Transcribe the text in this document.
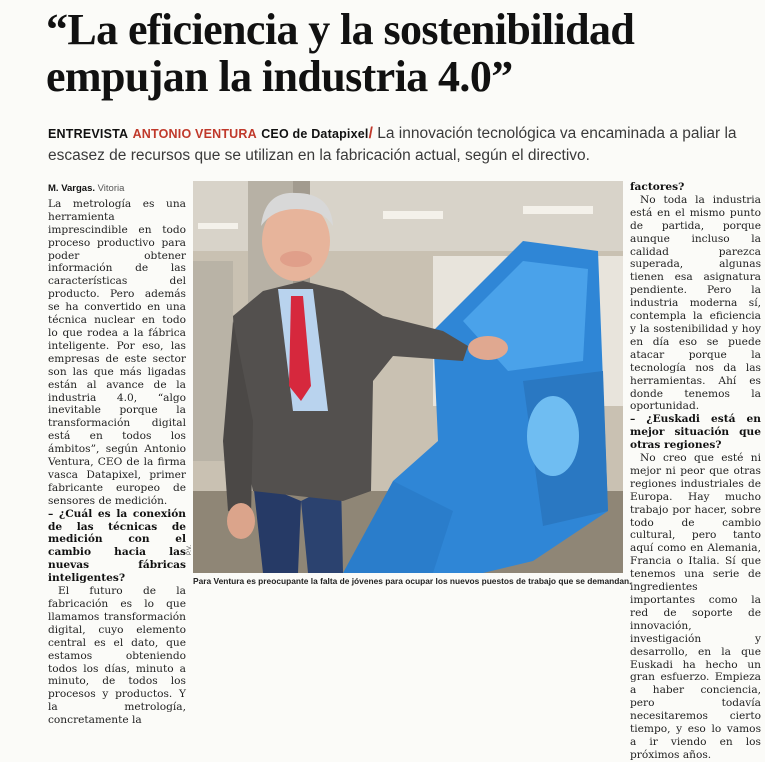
“La eficiencia y la sostenibilidad
empujan la industria 4.0”
ENTREVISTA ANTONIO VENTURA CEO de Datapixel/ La innovación tecnológica va encaminada a paliar la escasez de recursos que se utilizan en la fabricación actual, según el directivo.
M. Vargas. Vitoria

La metrología es una herramienta imprescindible en todo proceso productivo para poder obtener información de las características del producto. Pero además se ha convertido en una técnica nuclear en todo lo que rodea a la fábrica inteligente. Por eso, las empresas de este sector son las que más ligadas están al avance de la industria 4.0, “algo inevitable porque la transformación digital está en todos los ámbitos”, según Antonio Ventura, CEO de la firma vasca Datapixel, primer fabricante europeo de sensores de medición.

– ¿Cuál es la conexión de las técnicas de medición con el cambio hacia las nuevas fábricas inteligentes?

El futuro de la fabricación es lo que llamamos transformación digital, cuyo elemento central es el dato, que estamos obteniendo todos los días, minuto a minuto, de todos los procesos y productos. Y la metrología, concretamente la

P.V.
Para Ventura es preocupante la falta de jóvenes para ocupar los nuevos puestos de trabajo que se demandan.

factores?

No toda la industria está en el mismo punto de partida, porque aunque incluso la calidad parezca superada, algunas tienen esa asignatura pendiente. Pero la industria moderna sí, contempla la eficiencia y la sostenibilidad y hoy en día eso se puede atacar porque la tecnología nos da las herramientas. Ahí es donde tenemos la oportunidad.

– ¿Euskadi está en mejor situación que otras regiones?

No creo que esté ni mejor ni peor que otras regiones industriales de Europa. Hay mucho trabajo por hacer, sobre todo de cambio cultural, pero tanto aquí como en Alemania, Francia o Italia. Sí que tenemos una serie de ingredientes importantes como la red de soporte de innovación, investigación y desarrollo, en la que Euskadi ha hecho un gran esfuerzo. Empieza a haber conciencia, pero todavía necesitaremos cierto tiempo, y eso lo vamos a ir viendo en los próximos años.
